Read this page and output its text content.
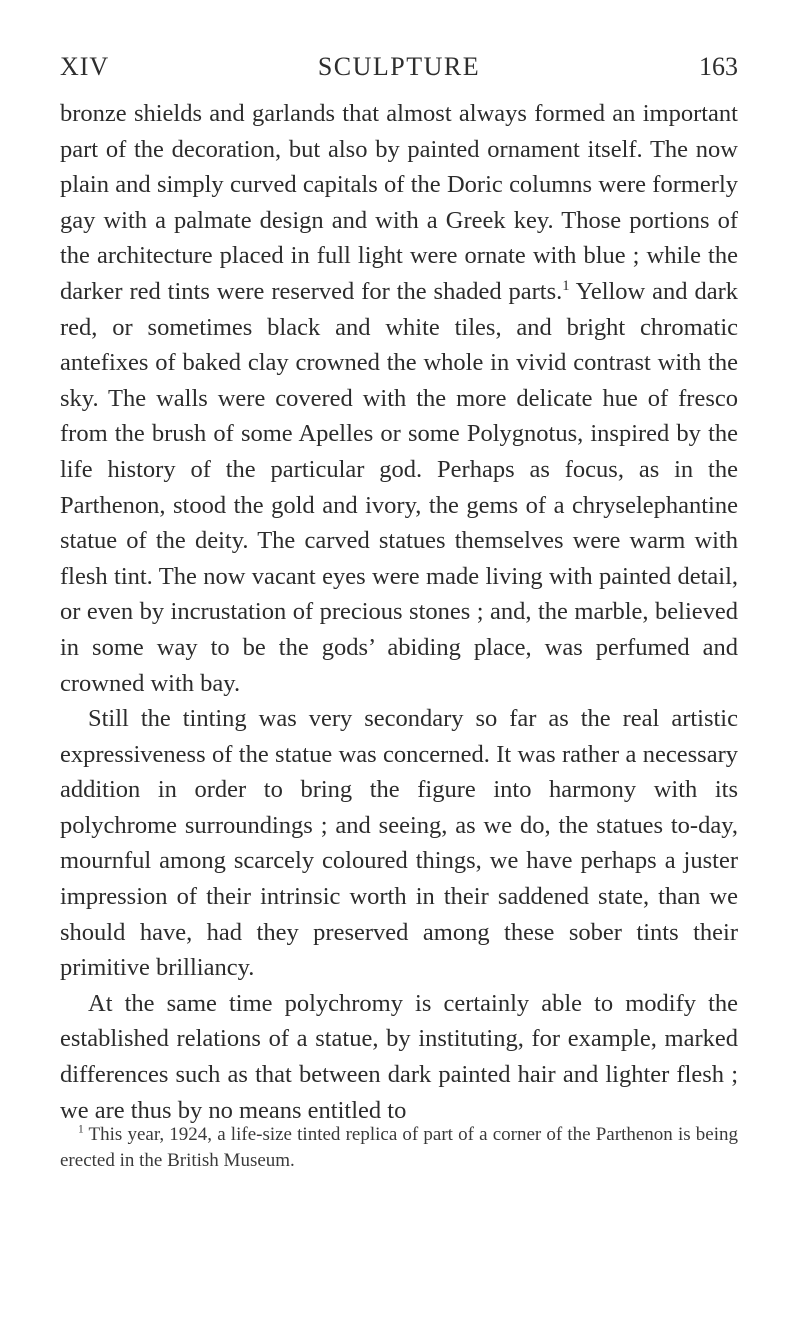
XIV	SCULPTURE	163

bronze shields and garlands that almost always formed an important part of the decoration, but also by painted ornament itself. The now plain and simply curved capitals of the Doric columns were formerly gay with a palmate design and with a Greek key. Those portions of the architecture placed in full light were ornate with blue ; while the darker red tints were reserved for the shaded parts.$^1$ Yellow and dark red, or sometimes black and white tiles, and bright chromatic antefixes of baked clay crowned the whole in vivid contrast with the sky. The walls were covered with the more delicate hue of fresco from the brush of some Apelles or some Polygnotus, inspired by the life history of the particular god. Perhaps as focus, as in the Parthenon, stood the gold and ivory, the gems of a chryselephantine statue of the deity. The carved statues themselves were warm with flesh tint. The now vacant eyes were made living with painted detail, or even by incrustation of precious stones ; and, the marble, believed in some way to be the gods’ abiding place, was perfumed and crowned with bay.

Still the tinting was very secondary so far as the real artistic expressiveness of the statue was concerned. It was rather a necessary addition in order to bring the figure into harmony with its polychrome surroundings ; and seeing, as we do, the statues to-day, mournful among scarcely coloured things, we have perhaps a juster impression of their intrinsic worth in their saddened state, than we should have, had they preserved among these sober tints their primitive brilliancy.

At the same time polychromy is certainly able to modify the established relations of a statue, by instituting, for example, marked differences such as that between dark painted hair and lighter flesh ; we are thus by no means entitled to

$^1$ This year, 1924, a life-size tinted replica of part of a corner of the Parthenon is being erected in the British Museum.
